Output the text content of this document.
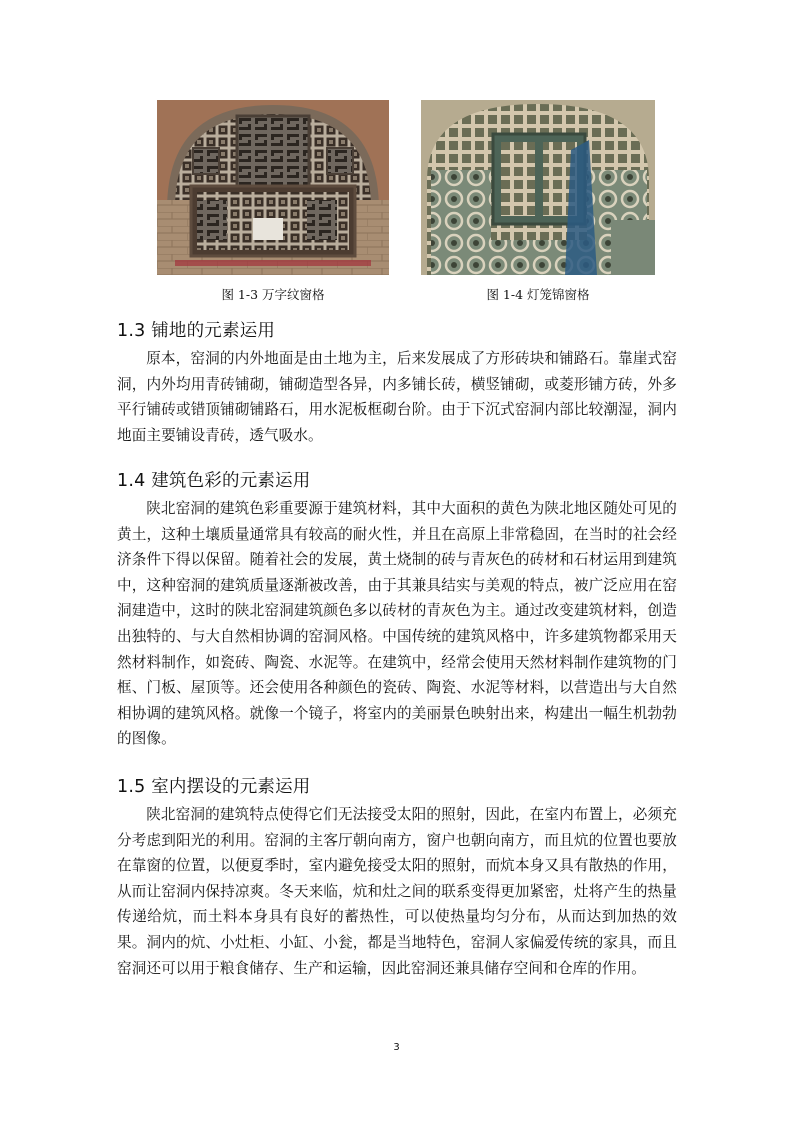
图 1-3 万字纹窗格	图 1-4 灯笼锦窗格
1.3 铺地的元素运用

原本，窑洞的内外地面是由土地为主，后来发展成了方形砖块和铺路石。靠崖式窑洞，内外均用青砖铺砌，铺砌造型各异，内多铺长砖，横竖铺砌，或菱形铺方砖，外多平行铺砖或错顶铺砌铺路石，用水泥板框砌台阶。由于下沉式窑洞内部比较潮湿，洞内地面主要铺设青砖，透气吸水。

1.4 建筑色彩的元素运用

陕北窑洞的建筑色彩重要源于建筑材料，其中大面积的黄色为陕北地区随处可见的黄土，这种土壤质量通常具有较高的耐火性，并且在高原上非常稳固，在当时的社会经济条件下得以保留。随着社会的发展，黄土烧制的砖与青灰色的砖材和石材运用到建筑中，这种窑洞的建筑质量逐渐被改善，由于其兼具结实与美观的特点，被广泛应用在窑洞建造中，这时的陕北窑洞建筑颜色多以砖材的青灰色为主。通过改变建筑材料，创造出独特的、与大自然相协调的窑洞风格。中国传统的建筑风格中，许多建筑物都采用天然材料制作，如瓷砖、陶瓷、水泥等。在建筑中，经常会使用天然材料制作建筑物的门框、门板、屋顶等。还会使用各种颜色的瓷砖、陶瓷、水泥等材料，以营造出与大自然相协调的建筑风格。就像一个镜子，将室内的美丽景色映射出来，构建出一幅生机勃勃的图像。

1.5 室内摆设的元素运用

陕北窑洞的建筑特点使得它们无法接受太阳的照射，因此，在室内布置上，必须充分考虑到阳光的利用。窑洞的主客厅朝向南方，窗户也朝向南方，而且炕的位置也要放在靠窗的位置，以便夏季时，室内避免接受太阳的照射，而炕本身又具有散热的作用，从而让窑洞内保持凉爽。冬天来临，炕和灶之间的联系变得更加紧密，灶将产生的热量传递给炕，而土料本身具有良好的蓄热性，可以使热量均匀分布，从而达到加热的效果。洞内的炕、小灶柜、小缸、小瓮，都是当地特色，窑洞人家偏爱传统的家具，而且窑洞还可以用于粮食储存、生产和运输，因此窑洞还兼具储存空间和仓库的作用。

3
